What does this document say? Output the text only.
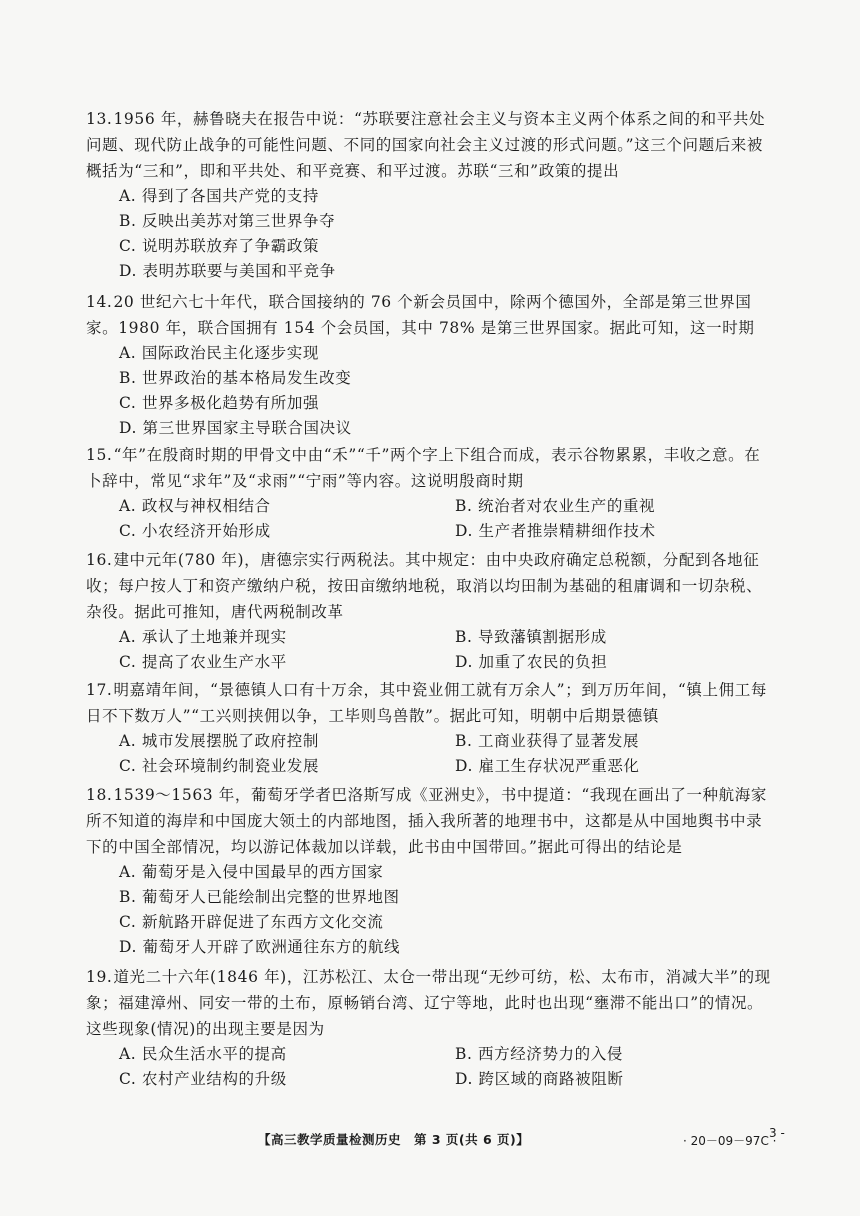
13.1956 年，赫鲁晓夫在报告中说：“苏联要注意社会主义与资本主义两个体系之间的和平共处问题、现代防止战争的可能性问题、不同的国家向社会主义过渡的形式问题。”这三个问题后来被概括为“三和”，即和平共处、和平竞赛、和平过渡。苏联“三和”政策的提出
A. 得到了各国共产党的支持
B. 反映出美苏对第三世界争夺
C. 说明苏联放弃了争霸政策
D. 表明苏联要与美国和平竞争
14.20 世纪六七十年代，联合国接纳的 76 个新会员国中，除两个德国外，全部是第三世界国家。1980 年，联合国拥有 154 个会员国，其中 78% 是第三世界国家。据此可知，这一时期
A. 国际政治民主化逐步实现
B. 世界政治的基本格局发生改变
C. 世界多极化趋势有所加强
D. 第三世界国家主导联合国决议
15.“年”在殷商时期的甲骨文中由“禾”“千”两个字上下组合而成，表示谷物累累，丰收之意。在卜辞中，常见“求年”及“求雨”“宁雨”等内容。这说明殷商时期
A. 政权与神权相结合	B. 统治者对农业生产的重视
C. 小农经济开始形成	D. 生产者推崇精耕细作技术
16.建中元年(780 年)，唐德宗实行两税法。其中规定：由中央政府确定总税额，分配到各地征收；每户按人丁和资产缴纳户税，按田亩缴纳地税，取消以均田制为基础的租庸调和一切杂税、杂役。据此可推知，唐代两税制改革
A. 承认了土地兼并现实	B. 导致藩镇割据形成
C. 提高了农业生产水平	D. 加重了农民的负担
17.明嘉靖年间，“景德镇人口有十万余，其中瓷业佣工就有万余人”；到万历年间，“镇上佣工每日不下数万人”“工兴则挟佣以争，工毕则鸟兽散”。据此可知，明朝中后期景德镇
A. 城市发展摆脱了政府控制	B. 工商业获得了显著发展
C. 社会环境制约制瓷业发展	D. 雇工生存状况严重恶化
18.1539～1563 年，葡萄牙学者巴洛斯写成《亚洲史》，书中提道：“我现在画出了一种航海家所不知道的海岸和中国庞大领土的内部地图，插入我所著的地理书中，这都是从中国地舆书中录下的中国全部情况，均以游记体裁加以详载，此书由中国带回。”据此可得出的结论是
A. 葡萄牙是入侵中国最早的西方国家
B. 葡萄牙人已能绘制出完整的世界地图
C. 新航路开辟促进了东西方文化交流
D. 葡萄牙人开辟了欧洲通往东方的航线
19.道光二十六年(1846 年)，江苏松江、太仓一带出现“无纱可纺，松、太布市，消减大半”的现象；福建漳州、同安一带的土布，原畅销台湾、辽宁等地，此时也出现“壅滞不能出口”的情况。这些现象(情况)的出现主要是因为
A. 民众生活水平的提高	B. 西方经济势力的入侵
C. 农村产业结构的升级	D. 跨区域的商路被阻断
【高三教学质量检测历史　第 3 页(共 6 页)】	· 20－09－97C ·
3 -
